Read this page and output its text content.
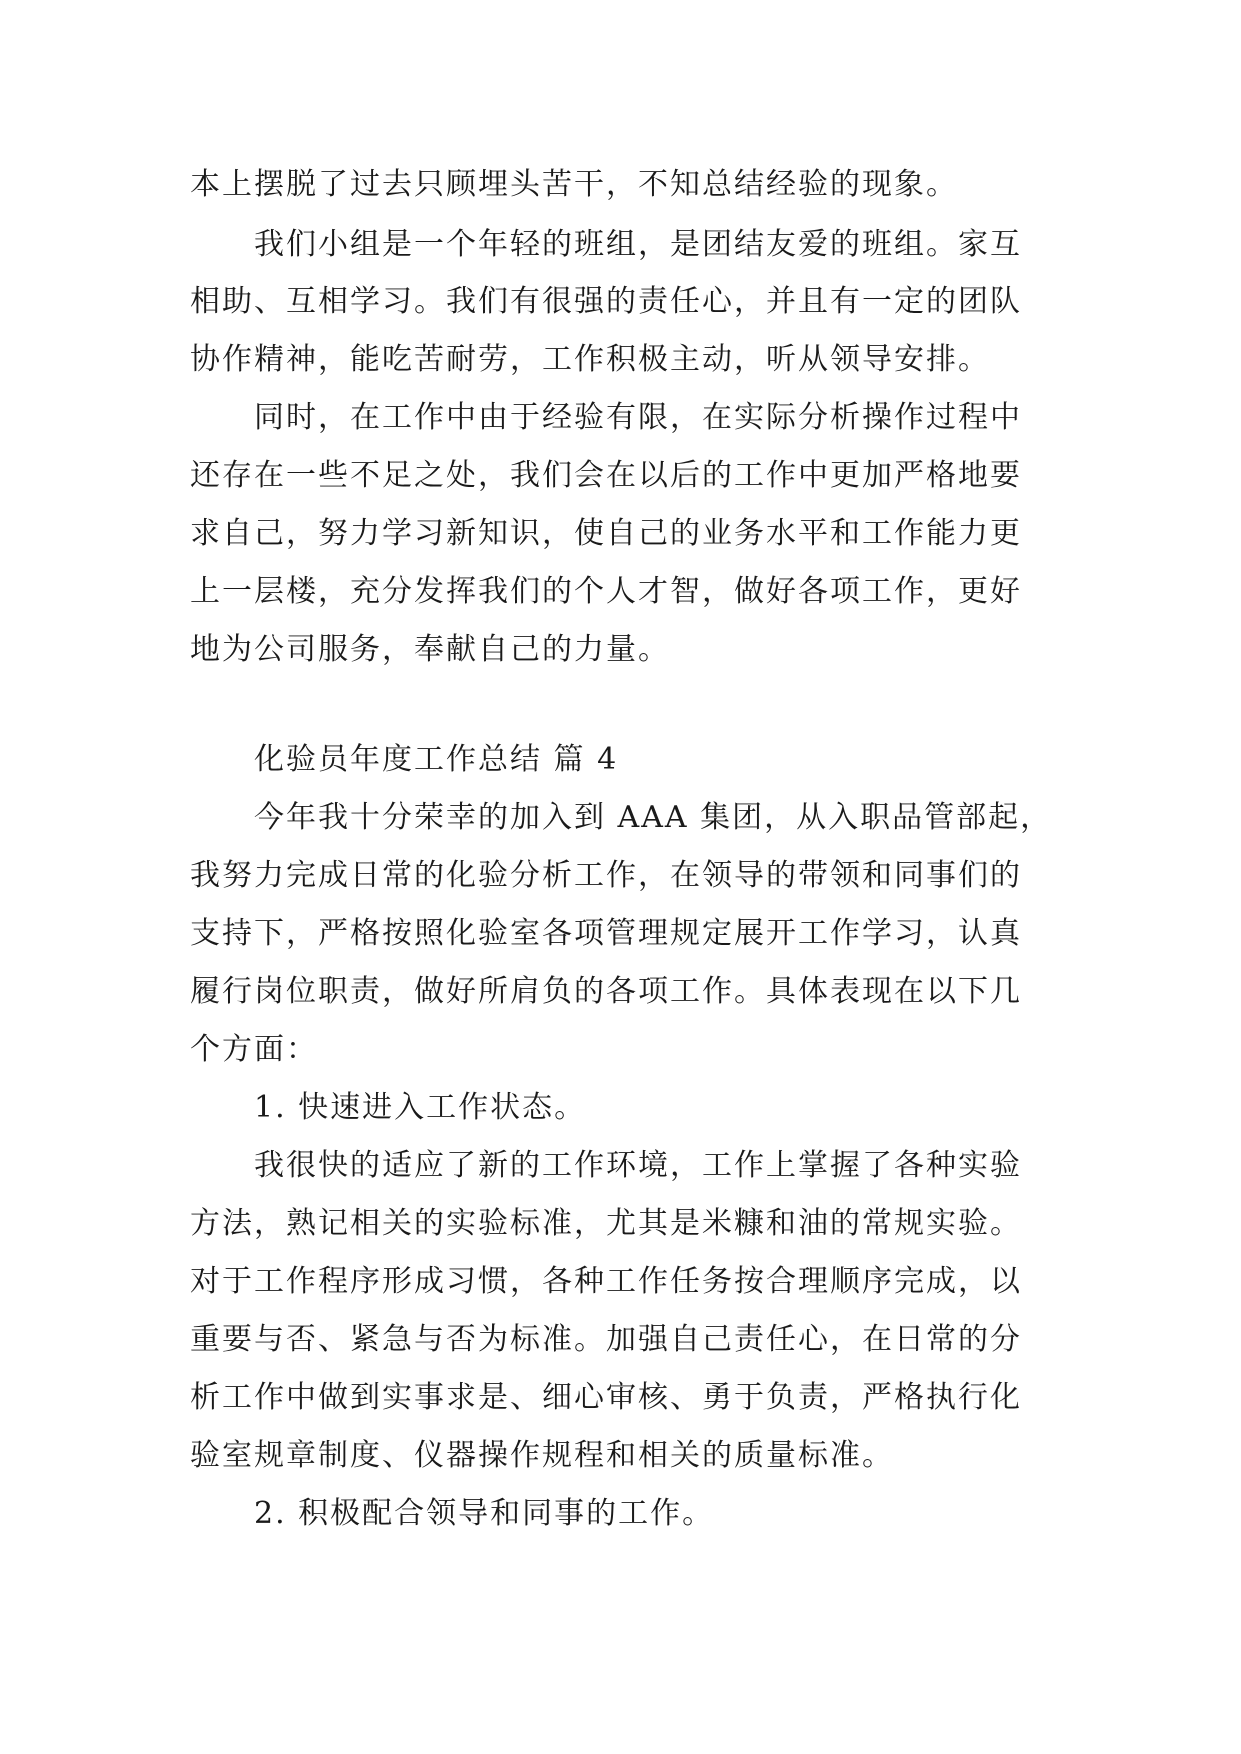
本上摆脱了过去只顾埋头苦干，不知总结经验的现象。
我们小组是一个年轻的班组，是团结友爱的班组。家互
相助、互相学习。我们有很强的责任心，并且有一定的团队
协作精神，能吃苦耐劳，工作积极主动，听从领导安排。
同时，在工作中由于经验有限，在实际分析操作过程中
还存在一些不足之处，我们会在以后的工作中更加严格地要
求自己，努力学习新知识，使自己的业务水平和工作能力更
上一层楼，充分发挥我们的个人才智，做好各项工作，更好
地为公司服务，奉献自己的力量。
化验员年度工作总结 篇 4
今年我十分荣幸的加入到 AAA 集团，从入职品管部起，
我努力完成日常的化验分析工作，在领导的带领和同事们的
支持下，严格按照化验室各项管理规定展开工作学习，认真
履行岗位职责，做好所肩负的各项工作。具体表现在以下几
个方面：
1. 快速进入工作状态。
我很快的适应了新的工作环境，工作上掌握了各种实验
方法，熟记相关的实验标准，尤其是米糠和油的常规实验。
对于工作程序形成习惯，各种工作任务按合理顺序完成，以
重要与否、紧急与否为标准。加强自己责任心，在日常的分
析工作中做到实事求是、细心审核、勇于负责，严格执行化
验室规章制度、仪器操作规程和相关的质量标准。
2. 积极配合领导和同事的工作。
